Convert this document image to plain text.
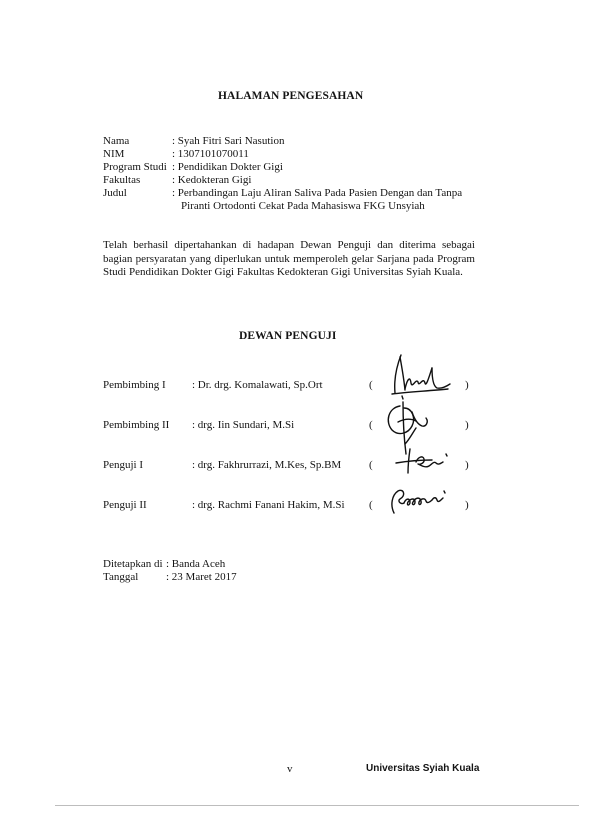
HALAMAN PENGESAHAN
Nama	: Syah Fitri Sari Nasution
NIM	: 1307101070011
Program Studi : Pendidikan Dokter Gigi
Fakultas	: Kedokteran Gigi
Judul	: Perbandingan Laju Aliran Saliva Pada Pasien Dengan dan Tanpa
Piranti Ortodonti Cekat Pada Mahasiswa FKG Unsyiah
Telah berhasil dipertahankan di hadapan Dewan Penguji dan diterima sebagai bagian persyaratan yang diperlukan untuk memperoleh gelar Sarjana pada Program Studi Pendidikan Dokter Gigi Fakultas Kedokteran Gigi Universitas Syiah Kuala.
DEWAN PENGUJI
Pembimbing I : Dr. drg. Komalawati, Sp.Ort	(	)
Pembimbing II : drg. Iin Sundari, M.Si	(	)
Penguji I	: drg. Fakhrurrazi, M.Kes, Sp.BM	(	)
Penguji II	: drg. Rachmi Fanani Hakim, M.Si (	)
Ditetapkan di : Banda Aceh
Tanggal	: 23 Maret 2017
v	Universitas Syiah Kuala
